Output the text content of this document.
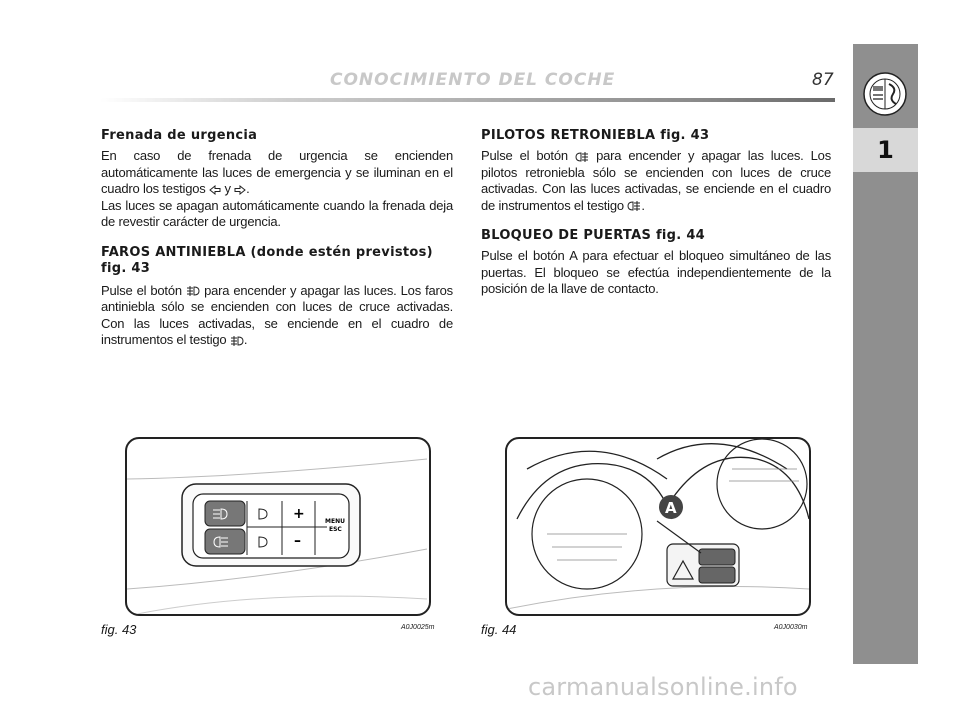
CONOCIMIENTO DEL COCHE	87
1
Frenada de urgencia

En caso de frenada de urgencia se encienden automáticamente las luces de emergencia y se iluminan en el cuadro los testigos y .

Las luces se apagan automáticamente cuando la frenada deja de revestir carácter de urgencia.

FAROS ANTINIEBLA (donde estén previstos)
fig. 43

Pulse el botón para encender y apagar las luces. Los faros antiniebla sólo se encienden con luces de cruce activadas. Con las luces activadas, se enciende en el cuadro de instrumentos el testigo .

PILOTOS RETRONIEBLA fig. 43

Pulse el botón para encender y apagar las luces. Los pilotos retroniebla sólo se encienden con luces de cruce activadas. Con las luces activadas, se enciende en el cuadro de instrumentos el testigo .

BLOQUEO DE PUERTAS fig. 44

Pulse el botón A para efectuar el bloqueo simultáneo de las puertas. El bloqueo se efectúa independientemente de la posición de la llave de contacto.

+
–
MENU
ESC
fig. 43	A0J0025m
A
fig. 44	A0J0030m
carmanualsonline.info
